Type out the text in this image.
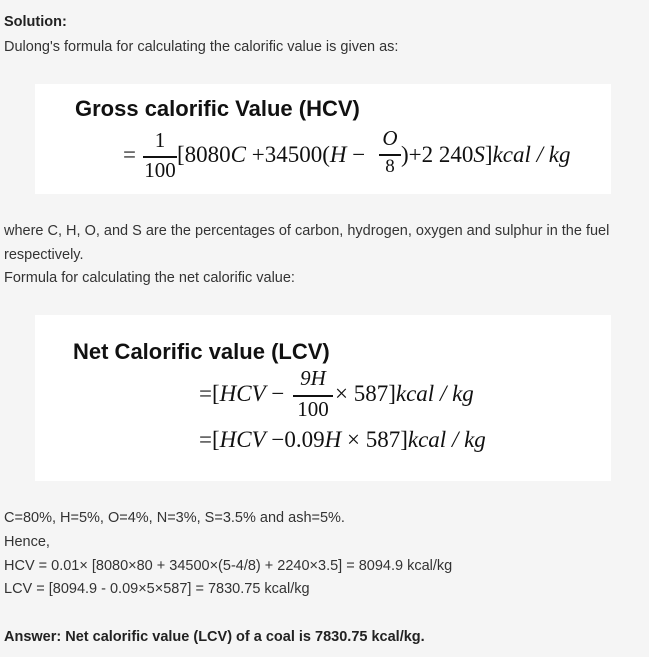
Solution:
Dulong's formula for calculating the calorific value is given as:
Gross calorific Value (HCV)
=
1
100
[8080C +34500(H −
O
8 )+2 240S]kcal / kg
where C, H, O, and S are the percentages of carbon, hydrogen, oxygen and sulphur in the fuel
respectively.
Formula for calculating the net calorific value:
Net Calorific value (LCV)
=[HCV −
9H
100
× 587]kcal / kg
=[HCV −0.09H × 587]kcal / kg
C=80%, H=5%, O=4%, N=3%, S=3.5% and ash=5%.
Hence,
HCV = 0.01× [8080×80 + 34500×(5-4/8) + 2240×3.5] = 8094.9 kcal/kg
LCV = [8094.9 - 0.09×5×587] = 7830.75 kcal/kg
Answer: Net calorific value (LCV) of a coal is 7830.75 kcal/kg.
